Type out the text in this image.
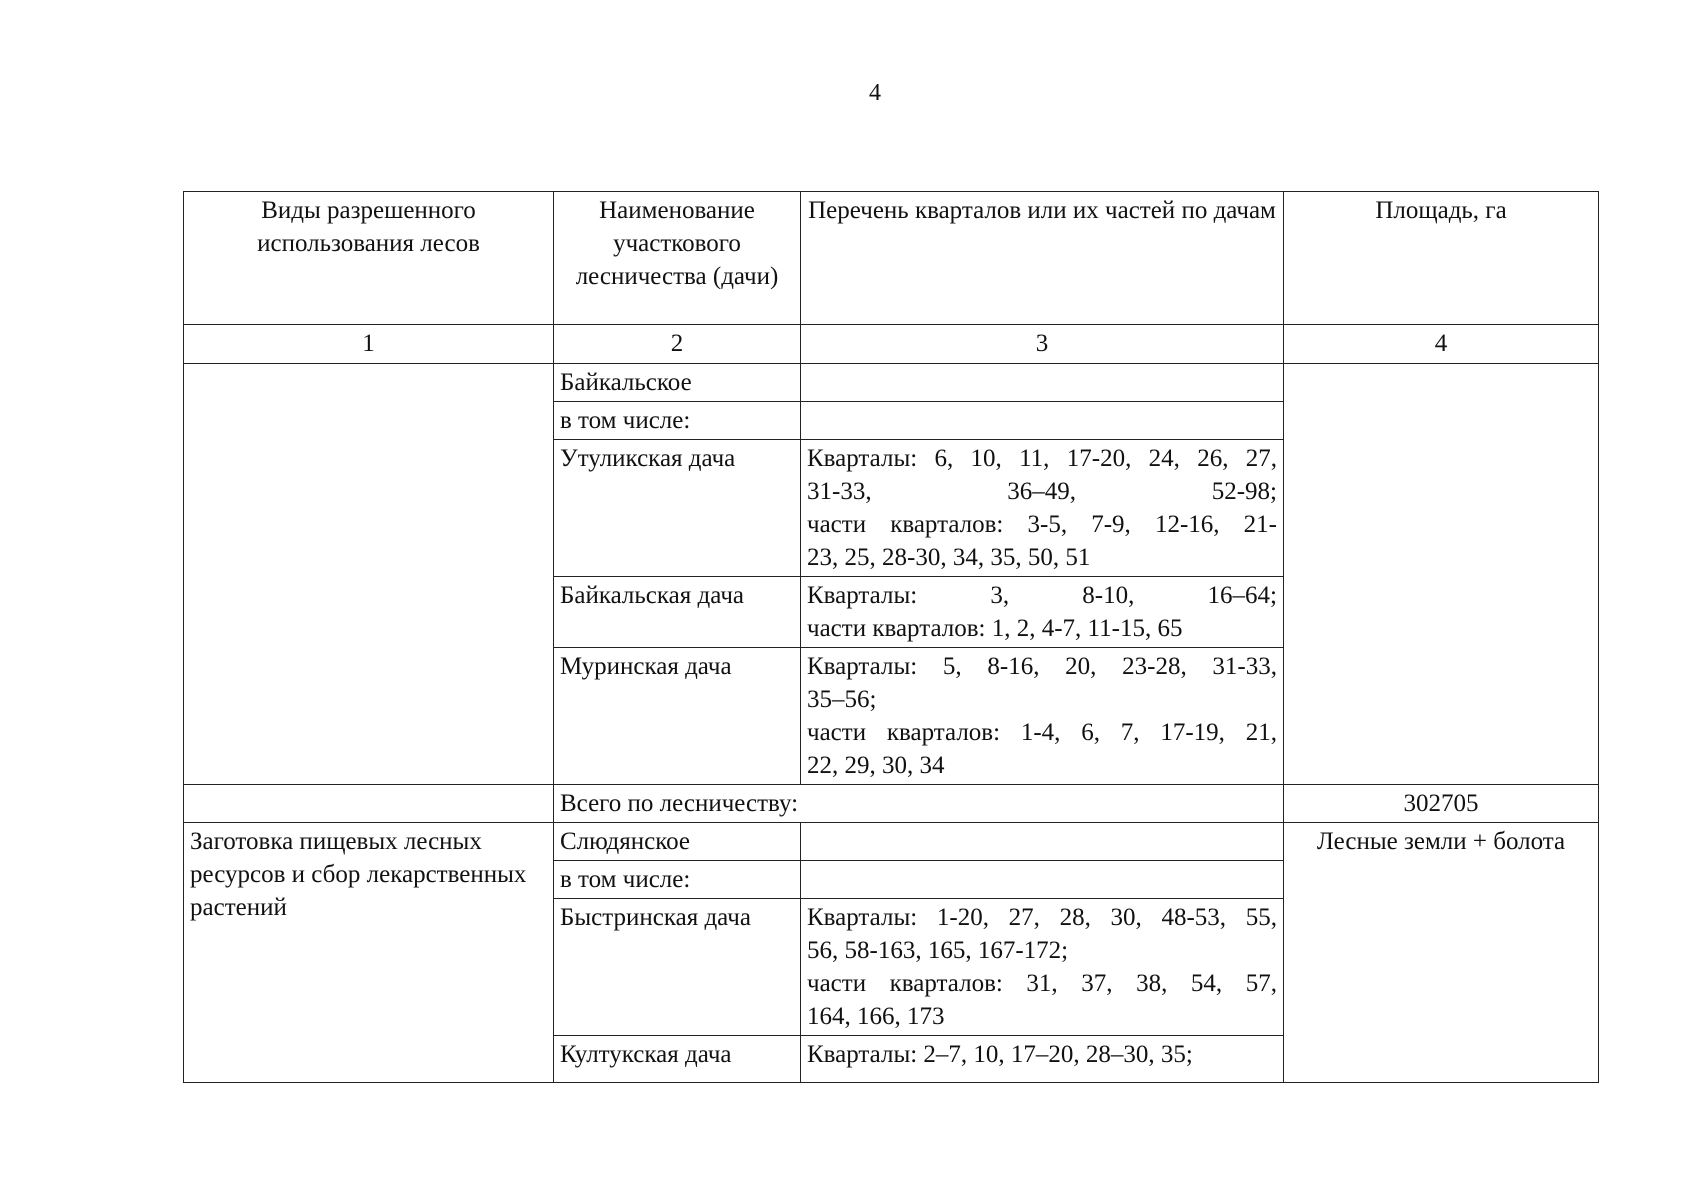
4
Виды разрешенного использования лесов	Наименование участкового лесничества (дачи)	Перечень кварталов или их частей по дачам	Площадь, га
1	2	3	4
	Байкальское		
	в том числе:		
	Утуликская дача	Кварталы: 6, 10, 11, 17-20, 24, 26, 27,
31-33, 36–49, 52-98;
части кварталов: 3-5, 7-9, 12-16, 21-
23, 25, 28-30, 34, 35, 50, 51	

	Байкальская дача	Кварталы: 3, 8-10, 16–64;
части кварталов: 1, 2, 4-7, 11-15, 65	

	Муринская дача	Кварталы: 5, 8-16, 20, 23-28, 31-33,
35–56;
части кварталов: 1-4, 6, 7, 17-19, 21,
22, 29, 30, 34	

	Всего по лесничеству:		302705
Заготовка пищевых лесных ресурсов и сбор лекарственных растений	Слюдянское		Лесные земли + болота
	в том числе:		
	Быстринская дача	Кварталы: 1-20, 27, 28, 30, 48-53, 55,
56, 58-163, 165, 167-172;
части кварталов: 31, 37, 38, 54, 57,
164, 166, 173	

	Култукская дача	Кварталы: 2–7, 10, 17–20, 28–30, 35;	
